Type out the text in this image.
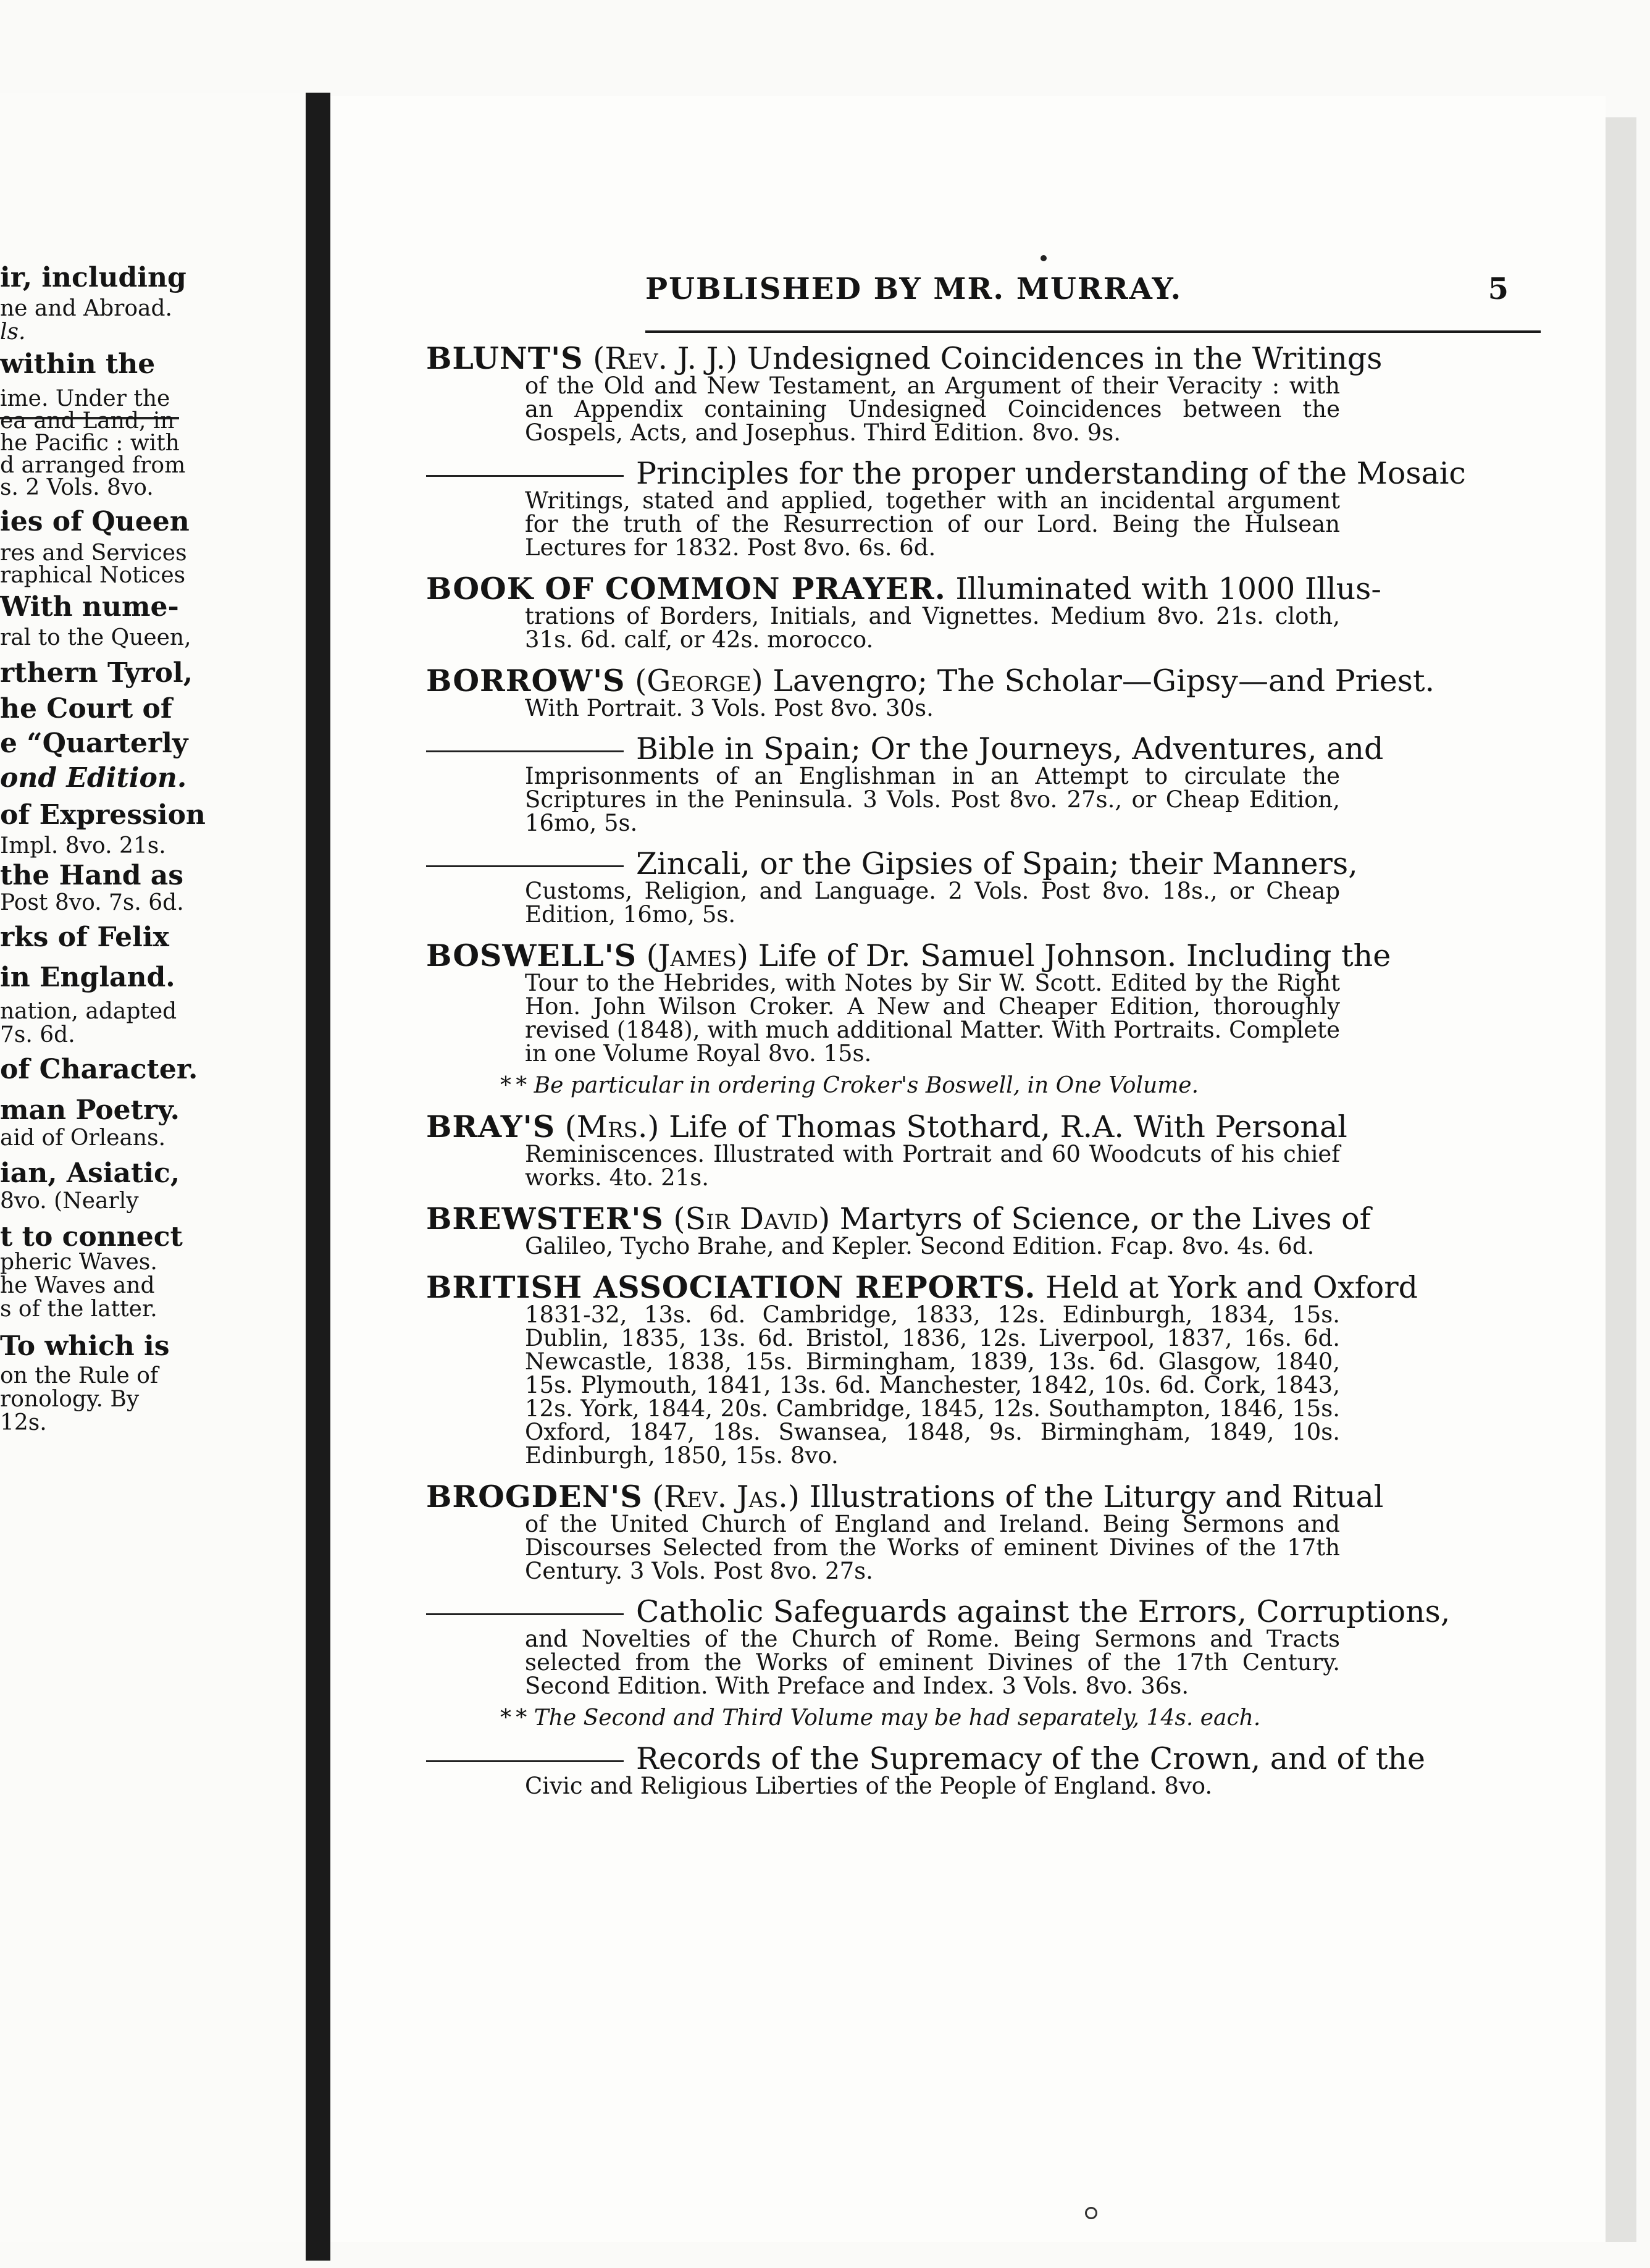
ir, including
ne and Abroad.
ls.
within the
ime. Under the
ea and Land, in
he Pacific : with
d arranged from
s. 2 Vols. 8vo.
ies of Queen
res and Services
raphical Notices
With nume-
ral to the Queen,
rthern Tyrol,
he Court of
e “Quarterly
ond Edition.
of Expression
Impl. 8vo. 21s.
the Hand as
Post 8vo. 7s. 6d.
rks of Felix
in England.
nation, adapted
7s. 6d.
of Character.
man Poetry.
aid of Orleans.
ian, Asiatic,
8vo. (Nearly
t to connect
pheric Waves.
he Waves and
s of the latter.
To which is
on the Rule of
ronology. By
12s.
PUBLISHED BY MR. MURRAY.	5
BLUNT'S (Rev. J. J.) Undesigned Coincidences in the Writings
of the Old and New Testament, an Argument of their Veracity : with an Appendix containing Undesigned Coincidences between the Gospels, Acts, and Josephus. Third Edition. 8vo. 9s.
Principles for the proper understanding of the Mosaic
Writings, stated and applied, together with an incidental argument for the truth of the Resurrection of our Lord. Being the Hulsean Lectures for 1832. Post 8vo. 6s. 6d.
BOOK OF COMMON PRAYER. Illuminated with 1000 Illus-
trations of Borders, Initials, and Vignettes. Medium 8vo. 21s. cloth, 31s. 6d. calf, or 42s. morocco.
BORROW'S (George) Lavengro; The Scholar—Gipsy—and Priest.
With Portrait. 3 Vols. Post 8vo. 30s.
Bible in Spain; Or the Journeys, Adventures, and
Imprisonments of an Englishman in an Attempt to circulate the Scriptures in the Peninsula. 3 Vols. Post 8vo. 27s., or Cheap Edition, 16mo, 5s.
Zincali, or the Gipsies of Spain; their Manners,
Customs, Religion, and Language. 2 Vols. Post 8vo. 18s., or Cheap Edition, 16mo, 5s.
BOSWELL'S (James) Life of Dr. Samuel Johnson. Including the
Tour to the Hebrides, with Notes by Sir W. Scott. Edited by the Right Hon. John Wilson Croker. A New and Cheaper Edition, thoroughly revised (1848), with much additional Matter. With Portraits. Complete in one Volume Royal 8vo. 15s.
* * Be particular in ordering Croker's Boswell, in One Volume.
BRAY'S (Mrs.) Life of Thomas Stothard, R.A. With Personal
Reminiscences. Illustrated with Portrait and 60 Woodcuts of his chief works. 4to. 21s.
BREWSTER'S (Sir David) Martyrs of Science, or the Lives of
Galileo, Tycho Brahe, and Kepler. Second Edition. Fcap. 8vo. 4s. 6d.
BRITISH ASSOCIATION REPORTS. Held at York and Oxford
1831-32, 13s. 6d. Cambridge, 1833, 12s. Edinburgh, 1834, 15s. Dublin, 1835, 13s. 6d. Bristol, 1836, 12s. Liverpool, 1837, 16s. 6d. Newcastle, 1838, 15s. Birmingham, 1839, 13s. 6d. Glasgow, 1840, 15s. Plymouth, 1841, 13s. 6d. Manchester, 1842, 10s. 6d. Cork, 1843, 12s. York, 1844, 20s. Cambridge, 1845, 12s. Southampton, 1846, 15s. Oxford, 1847, 18s. Swansea, 1848, 9s. Birmingham, 1849, 10s. Edinburgh, 1850, 15s. 8vo.
BROGDEN'S (Rev. Jas.) Illustrations of the Liturgy and Ritual
of the United Church of England and Ireland. Being Sermons and Discourses Selected from the Works of eminent Divines of the 17th Century. 3 Vols. Post 8vo. 27s.
Catholic Safeguards against the Errors, Corruptions,
and Novelties of the Church of Rome. Being Sermons and Tracts selected from the Works of eminent Divines of the 17th Century. Second Edition. With Preface and Index. 3 Vols. 8vo. 36s.
* * The Second and Third Volume may be had separately, 14s. each.
Records of the Supremacy of the Crown, and of the
Civic and Religious Liberties of the People of England. 8vo.
